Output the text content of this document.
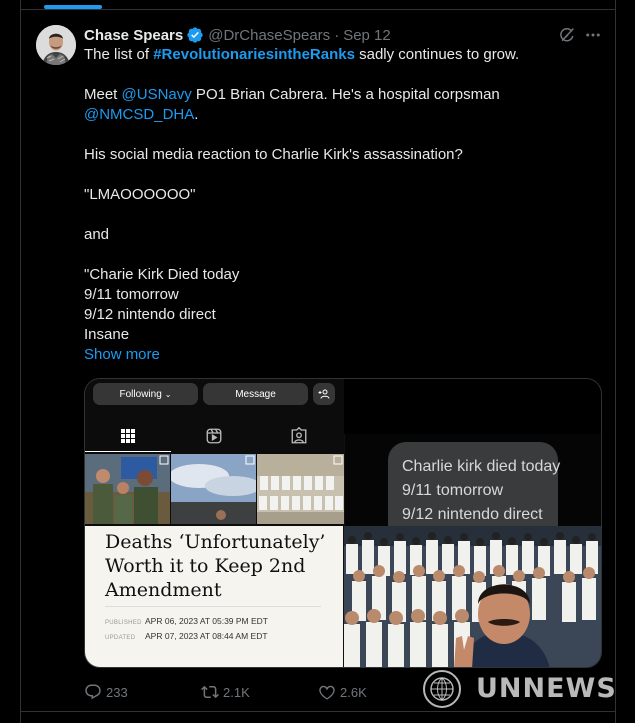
Chase Spears @DrChaseSpears · Sep 12
The list of #RevolutionariesintheRanks sadly continues to grow.
Meet @USNavy PO1 Brian Cabrera. He's a hospital corpsman
@NMCSD_DHA.
His social media reaction to Charlie Kirk's assassination?
"LMAOOOOOO"
and
"Charie Kirk Died today
9/11 tomorrow
9/12 nintendo direct
Insane
Show more
Following ⌄	Message
Charlie kirk died today
9/11 tomorrow
9/12 nintendo direct
Deaths ‘Unfortunately’
Worth it to Keep 2nd
Amendment
PUBLISHED APR 06, 2023 AT 05:39 PM EDT
UPDATED APR 07, 2023 AT 08:44 AM EDT
233	2.1K	2.6K	UNNEWS
